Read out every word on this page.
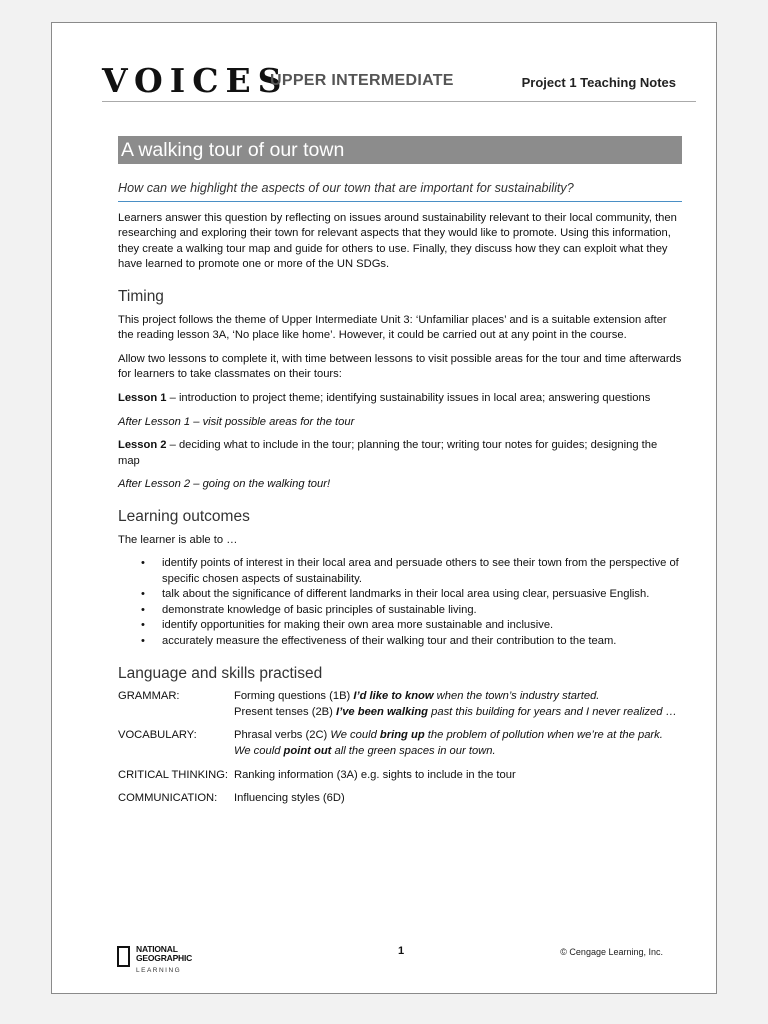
VOICES
UPPER INTERMEDIATE	Project 1 Teaching Notes
A walking tour of our town
How can we highlight the aspects of our town that are important for sustainability?

Learners answer this question by reflecting on issues around sustainability relevant to their local community, then researching and exploring their town for relevant aspects that they would like to promote. Using this information, they create a walking tour map and guide for others to use. Finally, they discuss how they can exploit what they have learned to promote one or more of the UN SDGs.

Timing

This project follows the theme of Upper Intermediate Unit 3: ‘Unfamiliar places’ and is a suitable extension after the reading lesson 3A, ‘No place like home’. However, it could be carried out at any point in the course.

Allow two lessons to complete it, with time between lessons to visit possible areas for the tour and time afterwards for learners to take classmates on their tours:

Lesson 1 – introduction to project theme; identifying sustainability issues in local area; answering questions

After Lesson 1 – visit possible areas for the tour

Lesson 2 – deciding what to include in the tour; planning the tour; writing tour notes for guides; designing the map

After Lesson 2 – going on the walking tour!

Learning outcomes

The learner is able to …

• identify points of interest in their local area and persuade others to see their town from the perspective of specific chosen aspects of sustainability.
• talk about the significance of different landmarks in their local area using clear, persuasive English.
• demonstrate knowledge of basic principles of sustainable living.
• identify opportunities for making their own area more sustainable and inclusive.
• accurately measure the effectiveness of their walking tour and their contribution to the team.
Language and skills practised
GRAMMAR:	Forming questions (1B) I’d like to know when the town’s industry started.
Present tenses (2B) I’ve been walking past this building for years and I never realized …
VOCABULARY:	Phrasal verbs (2C) We could bring up the problem of pollution when we’re at the park. We could point out all the green spaces in our town.
CRITICAL THINKING: Ranking information (3A) e.g. sights to include in the tour
COMMUNICATION:	Influencing styles (6D)
NATIONAL
GEOGRAPHIC
LEARNING
1	© Cengage Learning, Inc.
